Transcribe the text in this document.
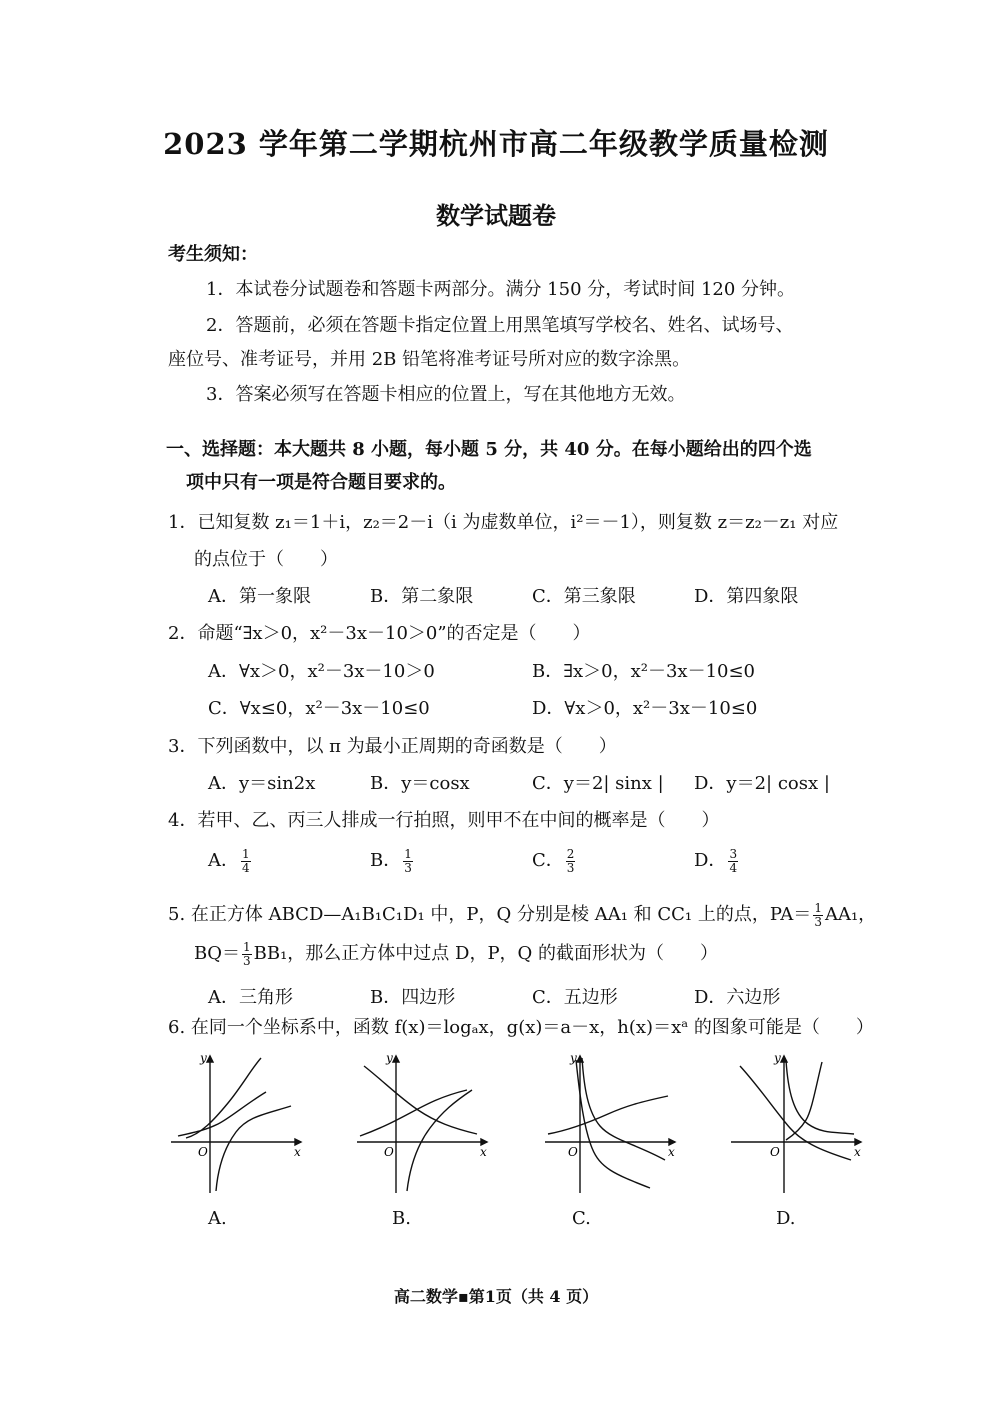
2023 学年第二学期杭州市高二年级教学质量检测
数学试题卷
考生须知：
1．本试卷分试题卷和答题卡两部分。满分 150 分，考试时间 120 分钟。
2．答题前，必须在答题卡指定位置上用黑笔填写学校名、姓名、试场号、
座位号、准考证号，并用 2B 铅笔将准考证号所对应的数字涂黑。
3．答案必须写在答题卡相应的位置上，写在其他地方无效。
一、选择题：本大题共 8 小题，每小题 5 分，共 40 分。在每小题给出的四个选
项中只有一项是符合题目要求的。
1．已知复数 z₁＝1＋i，z₂＝2－i（i 为虚数单位，i²＝－1），则复数 z＝z₂－z₁ 对应
的点位于（　　）
A．第一象限	B．第二象限	C．第三象限	D．第四象限
2．命题“∃x＞0，x²－3x－10＞0”的否定是（　　）
A．∀x＞0，x²－3x－10＞0	B．∃x＞0，x²－3x－10≤0
C．∀x≤0，x²－3x－10≤0	D．∀x＞0，x²－3x－10≤0
3．下列函数中，以 π 为最小正周期的奇函数是（　　）
A．y＝sin2x	B．y＝cosx	C．y＝2| sinx | D．y＝2| cosx |
4．若甲、乙、丙三人排成一行拍照，则甲不在中间的概率是（　　）
A． $\frac{1}{4}$	B． $\frac{1}{3}$	C． $\frac{2}{3}$	D． $\frac{3}{4}$
5. 在正方体 ABCD—A₁B₁C₁D₁ 中，P，Q 分别是棱 AA₁ 和 CC₁ 上的点，$PA= \frac{1}{3} AA_1$，
$BQ= \frac{1}{3} BB_1$，那么正方体中过点 D，P，Q 的截面形状为（　　）
A．三角形	B．四边形	C．五边形	D．六边形
6. 在同一个坐标系中，函数 f(x)＝logₐx，g(x)＝a－x，h(x)＝xᵃ 的图象可能是（　　）
y
x
O
A.
y
x
O
B.
y
x
O
C.
y
x
O
D.
高二数学▪第1页（共 4 页）
